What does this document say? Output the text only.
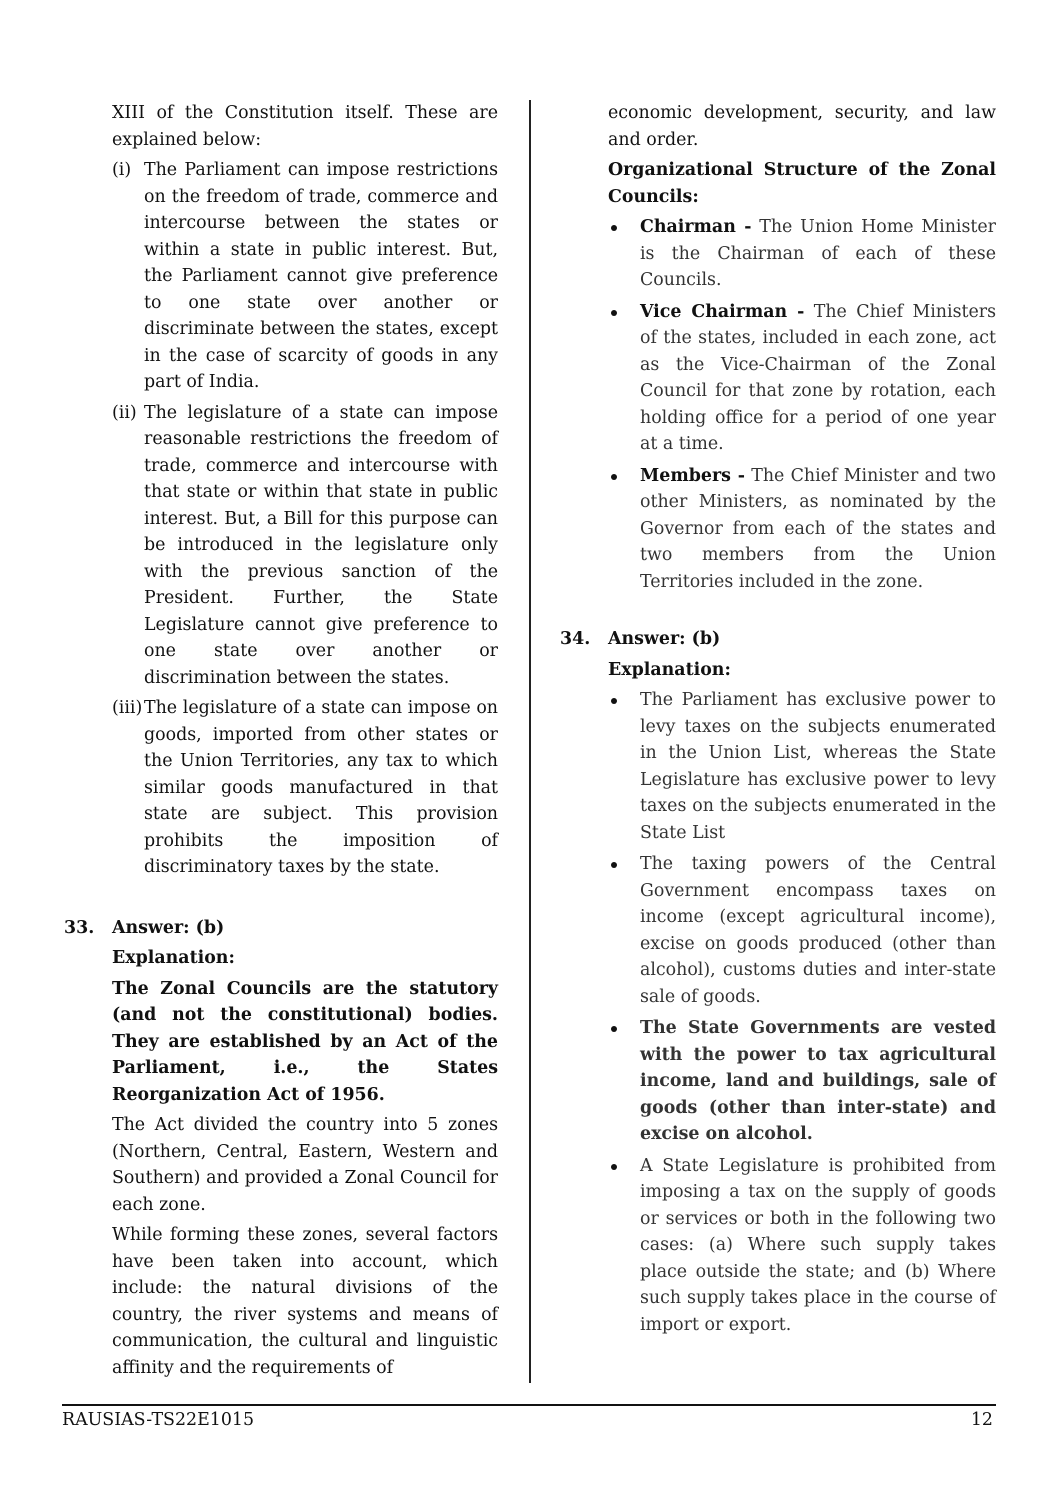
XIII of the Constitution itself. These are explained below:

(i) The Parliament can impose restrictions on the freedom of trade, commerce and intercourse between the states or within a state in public interest. But, the Parliament cannot give preference to one state over another or discriminate between the states, except in the case of scarcity of goods in any part of India.
(ii) The legislature of a state can impose reasonable restrictions the freedom of trade, commerce and intercourse with that state or within that state in public interest. But, a Bill for this purpose can be introduced in the legislature only with the previous sanction of the President. Further, the State Legislature cannot give preference to one state over another or discrimination between the states.
(iii) The legislature of a state can impose on goods, imported from other states or the Union Territories, any tax to which similar goods manufactured in that state are subject. This provision prohibits the imposition of discriminatory taxes by the state.
33. Answer: (b)

Explanation:

The Zonal Councils are the statutory (and not the constitutional) bodies. They are established by an Act of the Parliament, i.e., the States Reorganization Act of 1956.

The Act divided the country into 5 zones (Northern, Central, Eastern, Western and Southern) and provided a Zonal Council for each zone.

While forming these zones, several factors have been taken into account, which include: the natural divisions of the country, the river systems and means of communication, the cultural and linguistic affinity and the requirements of

economic development, security, and law and order.

Organizational Structure of the Zonal Councils:

Chairman - The Union Home Minister is the Chairman of each of these Councils.
Vice Chairman - The Chief Ministers of the states, included in each zone, act as the Vice-Chairman of the Zonal Council for that zone by rotation, each holding office for a period of one year at a time.
Members - The Chief Minister and two other Ministers, as nominated by the Governor from each of the states and two members from the Union Territories included in the zone.
34. Answer: (b)

Explanation:

The Parliament has exclusive power to levy taxes on the subjects enumerated in the Union List, whereas the State Legislature has exclusive power to levy taxes on the subjects enumerated in the State List
The taxing powers of the Central Government encompass taxes on income (except agricultural income), excise on goods produced (other than alcohol), customs duties and inter-state sale of goods.
The State Governments are vested with the power to tax agricultural income, land and buildings, sale of goods (other than inter-state) and excise on alcohol.
A State Legislature is prohibited from imposing a tax on the supply of goods or services or both in the following two cases: (a) Where such supply takes place outside the state; and (b) Where such supply takes place in the course of import or export.
RAUSIAS-TS22E1015	12
